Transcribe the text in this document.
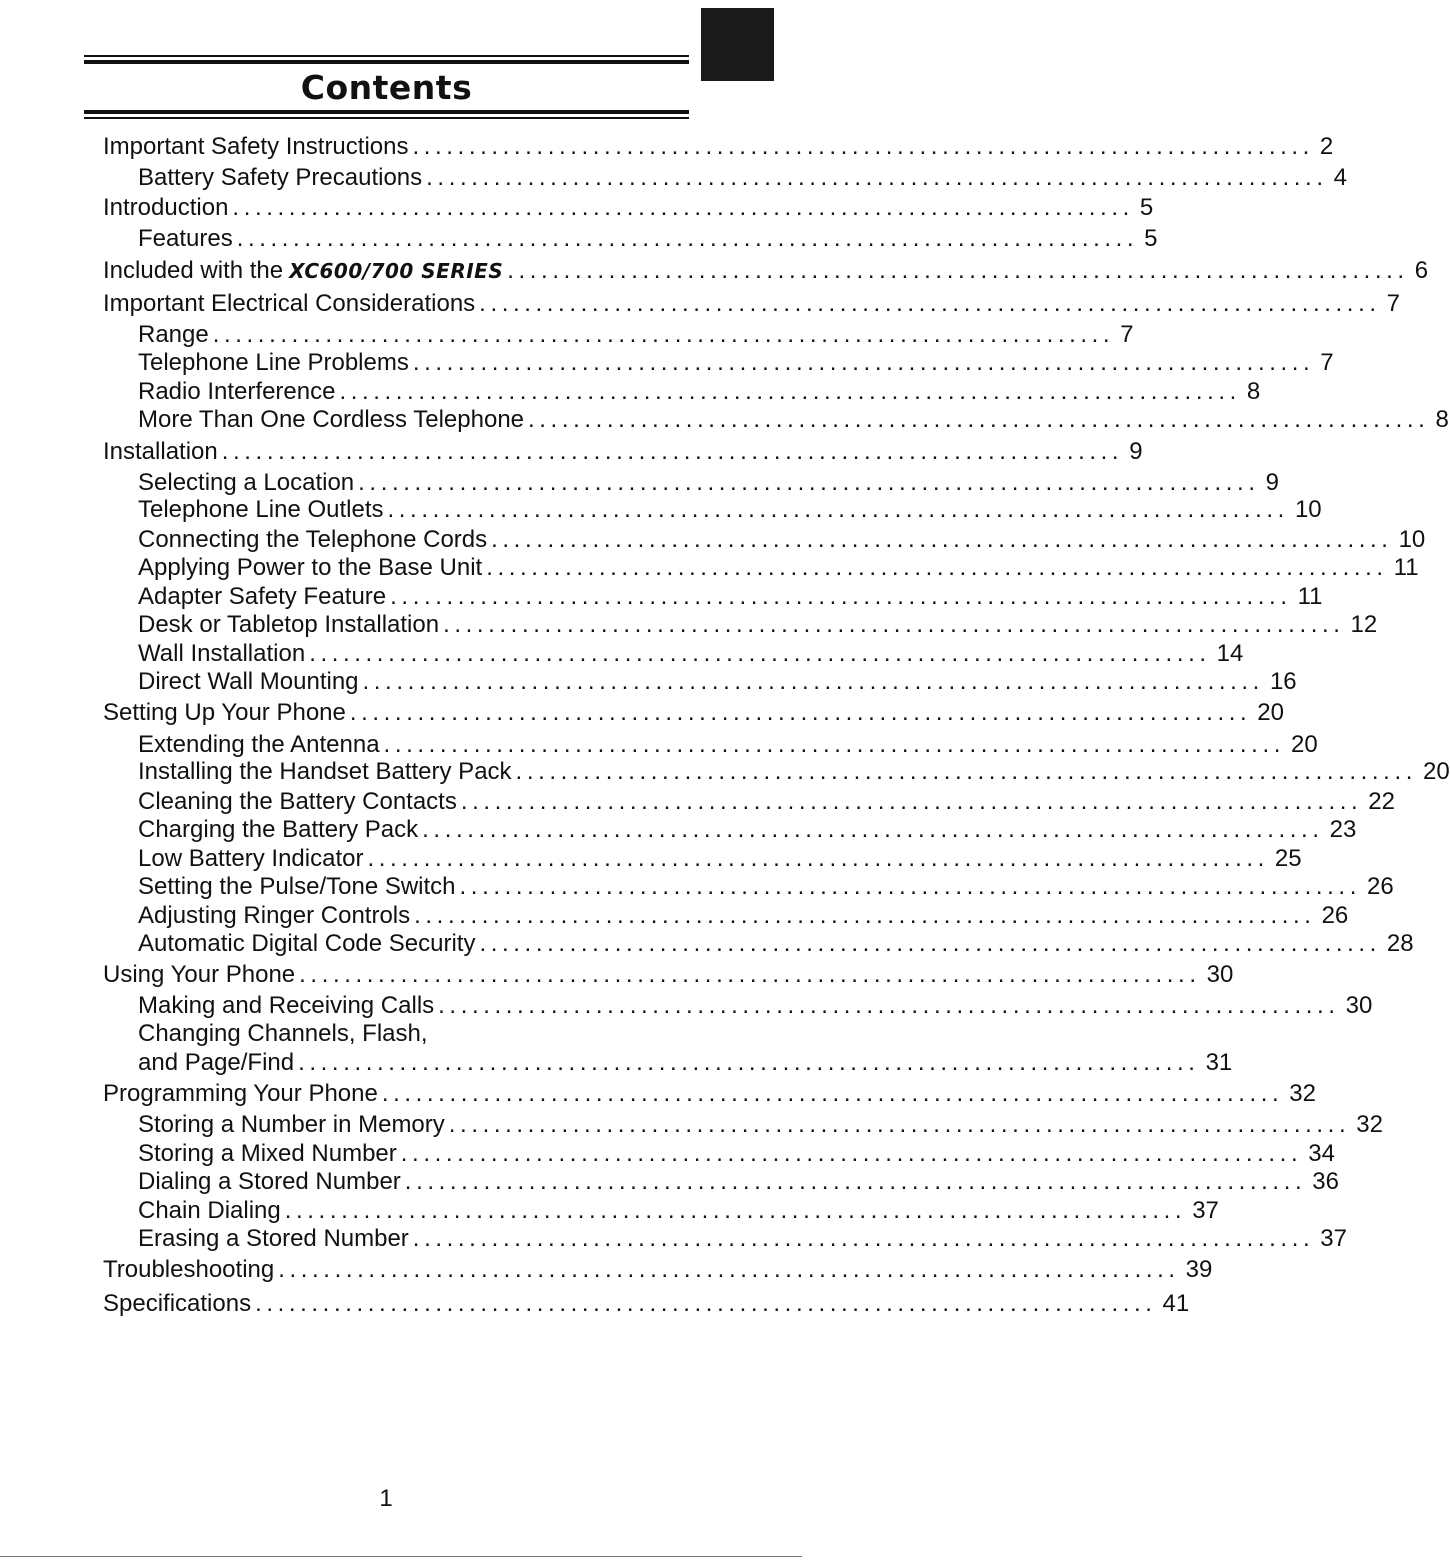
Contents
Important Safety Instructions ................................................................................ 2
Battery Safety Precautions ................................................................................ 4
Introduction ................................................................................ 5
Features ................................................................................ 5
Included with the XC600/700 SERIES ................................................................................ 6
Important Electrical Considerations ................................................................................ 7
Range ................................................................................ 7
Telephone Line Problems ................................................................................ 7
Radio Interference ................................................................................ 8
More Than One Cordless Telephone ................................................................................ 8
Installation ................................................................................ 9
Selecting a Location ................................................................................ 9
Telephone Line Outlets ................................................................................ 10
Connecting the Telephone Cords ................................................................................ 10
Applying Power to the Base Unit ................................................................................ 11
Adapter Safety Feature ................................................................................ 11
Desk or Tabletop Installation ................................................................................ 12
Wall Installation ................................................................................ 14
Direct Wall Mounting ................................................................................ 16
Setting Up Your Phone ................................................................................ 20
Extending the Antenna ................................................................................ 20
Installing the Handset Battery Pack ................................................................................ 20
Cleaning the Battery Contacts ................................................................................ 22
Charging the Battery Pack ................................................................................ 23
Low Battery Indicator ................................................................................ 25
Setting the Pulse/Tone Switch ................................................................................ 26
Adjusting Ringer Controls ................................................................................ 26
Automatic Digital Code Security ................................................................................ 28
Using Your Phone ................................................................................ 30
Making and Receiving Calls ................................................................................ 30
Changing Channels, Flash,
and Page/Find ................................................................................ 31
Programming Your Phone ................................................................................ 32
Storing a Number in Memory ................................................................................ 32
Storing a Mixed Number ................................................................................ 34
Dialing a Stored Number ................................................................................ 36
Chain Dialing ................................................................................ 37
Erasing a Stored Number ................................................................................ 37
Troubleshooting ................................................................................ 39
Specifications ................................................................................ 41
1
